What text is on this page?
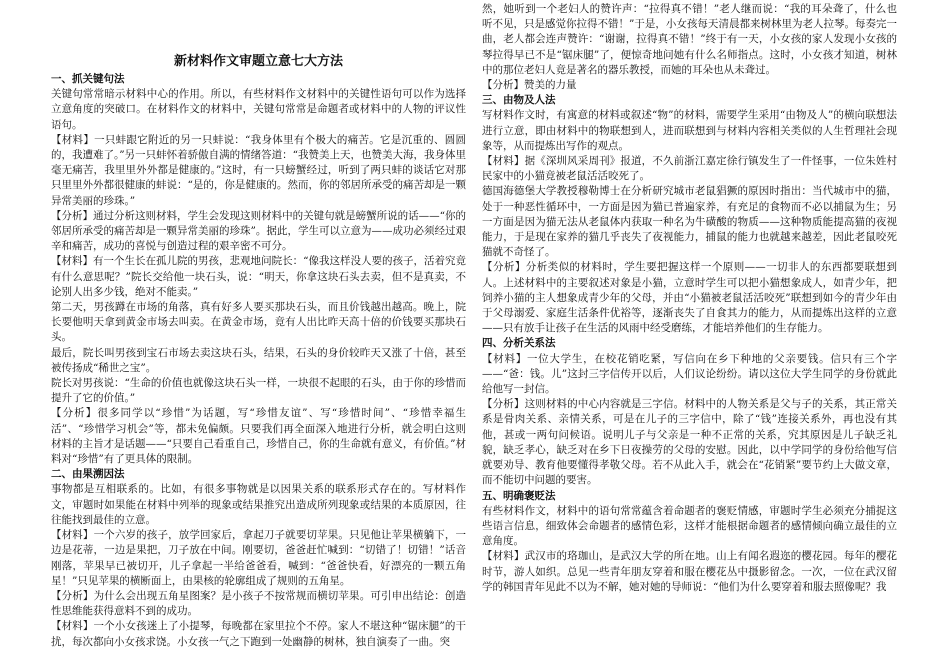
新材料作文审题立意七大方法
一、抓关键句法

关键句常常暗示材料中心的作用。所以，有些材料作文材料中的关键性语句可以作为选择立意角度的突破口。在材料作文的材料中，关键句常常是命题者或材料中的人物的评议性语句。

【材料】一只蚌跟它附近的另一只蚌说：“我身体里有个极大的痛苦。它是沉重的、圆圆的，我遭难了。”另一只蚌怀着骄傲自满的情绪答道：“我赞美上天，也赞美大海，我身体里毫无痛苦，我里里外外都是健康的。”这时，有一只螃蟹经过，听到了两只蚌的谈话它对那只里里外外都很健康的蚌说：“是的，你是健康的。然而，你的邻居所承受的痛苦却是一颗异常美丽的珍珠。”

【分析】通过分析这则材料，学生会发现这则材料中的关键句就是螃蟹所说的话——“你的邻居所承受的痛苦却是一颗异常美丽的珍珠”。据此，学生可以立意为——成功必须经过艰辛和痛苦，成功的喜悦与创造过程的艰辛密不可分。

【材料】有一个生长在孤儿院的男孩，悲观地问院长：“像我这样没人要的孩子，活着究竟有什么意思呢？”院长交给他一块石头，说：“明天，你拿这块石头去卖，但不是真卖，不论别人出多少钱，绝对不能卖。”

第二天，男孩蹲在市场的角落，真有好多人要买那块石头，而且价钱越出越高。晚上，院长要他明天拿到黄金市场去叫卖。在黄金市场，竟有人出比昨天高十倍的价钱要买那块石头。

最后，院长叫男孩到宝石市场去卖这块石头，结果，石头的身价较昨天又涨了十倍，甚至被传扬成“稀世之宝”。

院长对男孩说：“生命的价值也就像这块石头一样，一块很不起眼的石头，由于你的珍惜而提升了它的价值。”

【分析】很多同学以“珍惜”为话题，写“珍惜友谊”、写“珍惜时间”、“珍惜幸福生活”、“珍惜学习机会”等，都未免偏颇。只要我们再全面深入地进行分析，就会明白这则材料的主旨才是话题——“只要自己看重自己，珍惜自己，你的生命就有意义，有价值。”材料对“珍惜”有了更具体的限制。

二、由果溯因法

事物都是互相联系的。比如，有很多事物就是以因果关系的联系形式存在的。写材料作文，审题时如果能在材料中列举的现象或结果推究出造成所列现象或结果的本质原因，往往能找到最佳的立意。

【材料】一个六岁的孩子，放学回家后，拿起刀子就要切苹果。只见他让苹果横躺下，一边是花蒂，一边是果把，刀子放在中间。刚要切，爸爸赶忙喊到：“切错了！切错！”话音刚落，苹果早已被切开，儿子拿起一半给爸爸看，喊到：“爸爸快看，好漂亮的一颗五角星！”只见苹果的横断面上，由果核的轮廓组成了规则的五角星。

【分析】为什么会出现五角星图案？是小孩子不按常规而横切苹果。可引申出结论：创造性思维能获得意料不到的成功。

【材料】一个小女孩迷上了小提琴，每晚都在家里拉个不停。家人不堪这种“锯床腿”的干扰，每次都向小女孩求饶。小女孩一气之下跑到一处幽静的树林，独自演奏了一曲。突

然，她听到一个老妇人的赞许声：“拉得真不错！”老人继而说：“我的耳朵聋了，什么也听不见，只是感觉你拉得不错！”于是，小女孩每天清晨都来树林里为老人拉琴。每奏完一曲，老人都会连声赞许：“谢谢，拉得真不错！”终于有一天，小女孩的家人发现小女孩的琴拉得早已不是“锯床腿”了，便惊奇地问她有什么名师指点。这时，小女孩才知道，树林中的那位老妇人竟是著名的器乐教授，而她的耳朵也从未聋过。

【分析】赞美的力量

三、由物及人法

写材料作文时，有寓意的材料或叙述“物”的材料，需要学生采用“由物及人”的横向联想法进行立意，即由材料中的物联想到人，进而联想到与材料内容相关类似的人生哲理社会现象等，从而提炼出写作的观点。

【材料】据《深圳风采周刊》报道，不久前浙江嘉定徐行镇发生了一件怪事，一位朱姓村民家中的小猫竟被老鼠活活咬死了。

德国海德堡大学教授穆勒博士在分析研究城市老鼠猖獗的原因时指出：当代城市中的猫，处于一种恶性循环中，一方面是因为猫已普遍家养，有充足的食物而不必以捕鼠为生；另一方面是因为猫无法从老鼠体内获取一种名为牛磺酸的物质——这种物质能提高猫的夜视能力，于是现在家养的猫几乎丧失了夜视能力，捕鼠的能力也就越来越差，因此老鼠咬死猫就不奇怪了。

【分析】分析类似的材料时，学生要把握这样一个原则——一切非人的东西都要联想到人。上述材料中的主要叙述对象是小猫，立意时学生可以把小猫想象成人，如青少年，把饲养小猫的主人想象成青少年的父母，并由“小猫被老鼠活活咬死”联想到如今的青少年由于父母溺爱、家庭生活条件优裕等，逐渐丧失了自食其力的能力，从而提炼出这样的立意——只有放手让孩子在生活的风雨中经受磨练，才能培养他们的生存能力。

四、分析关系法

【材料】一位大学生，在校花销吃紧，写信向在乡下种地的父亲要钱。信只有三个字——“爸：钱。儿”这封三字信传开以后，人们议论纷纷。请以这位大学生同学的身份就此给他写一封信。

【分析】这则材料的中心内容就是三字信。材料中的人物关系是父与子的关系，其正常关系是骨肉关系、亲情关系，可是在儿子的三字信中，除了“钱”连接关系外，再也没有其他，甚或一两句问候语。说明儿子与父亲是一种不正常的关系，究其原因是儿子缺乏礼貌，缺乏孝心，缺乏对在乡下日夜操劳的父母的安慰。因此，以中学同学的身份给他写信就要劝导、教育他要懂得孝敬父母。若不从此入手，就会在“花销紧”要节约上大做文章，而不能切中问题的要害。

五、明确褒贬法

有些材料作文，材料中的语句常常蕴含着命题者的褒贬情感，审题时学生必须充分捕捉这些语言信息，细致体会命题者的感情色彩，这样才能根据命题者的感情倾向确立最佳的立意角度。

【材料】武汉市的珞珈山，是武汉大学的所在地。山上有闻名遐迩的樱花园。每年的樱花时节，游人如织。总见一些青年朋友穿着和服在樱花丛中摄影留念。一次，一位在武汉留学的韩国青年见此不以为不解，她对她的导师说：“他们为什么要穿着和服去照像呢？我
